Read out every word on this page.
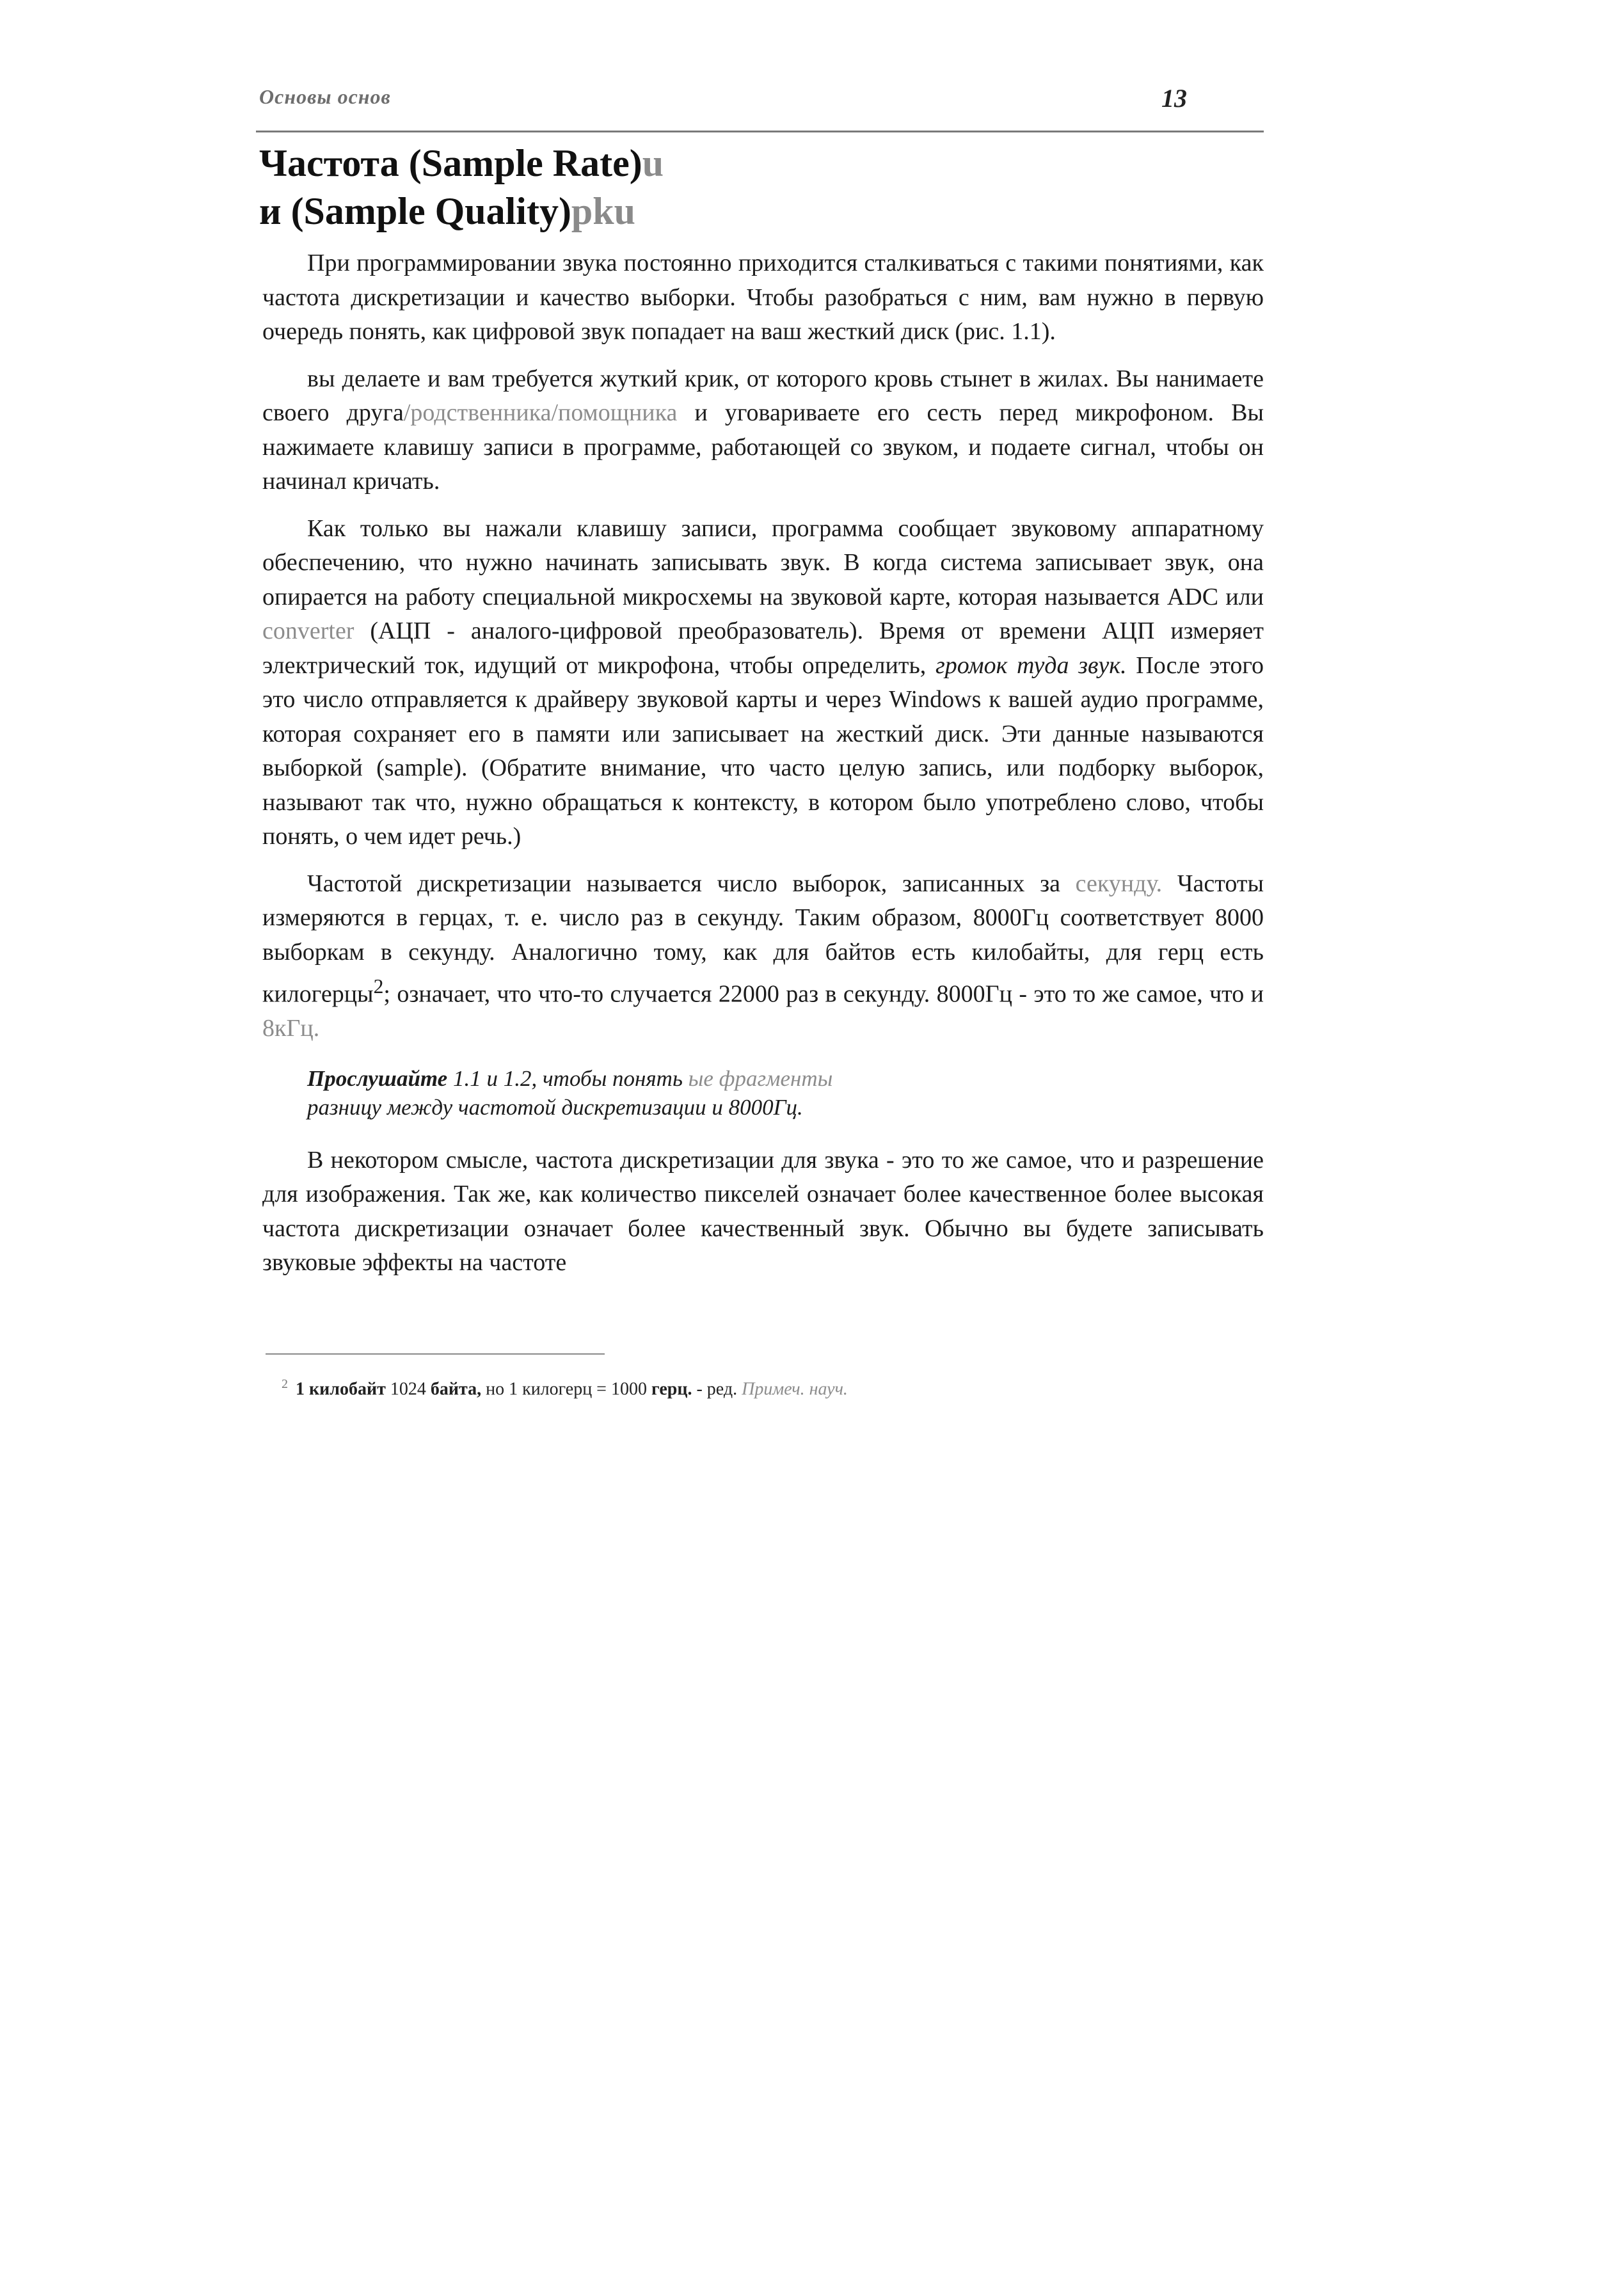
Основы основ	13
Частота (Sample Rate)u
и (Sample Quality)pku

При программировании звука постоянно приходится сталкиваться с такими понятиями, как частота дискретизации и качество выборки. Чтобы разобраться с ним, вам нужно в первую очередь понять, как цифровой звук попадает на ваш жесткий диск (рис. 1.1).

вы делаете и вам требуется жуткий крик, от которого кровь стынет в жилах. Вы нанимаете своего друга/родственника/помощника и уговариваете его сесть перед микрофоном. Вы нажимаете клавишу записи в программе, работающей со звуком, и подаете сигнал, чтобы он начинал кричать.

Как только вы нажали клавишу записи, программа сообщает звуковому аппаратному обеспечению, что нужно начинать записывать звук. В когда система записывает звук, она опирается на работу специальной микросхемы на звуковой карте, которая называется ADC или converter (АЦП - аналого-цифровой преобразователь). Время от времени АЦП измеряет электрический ток, идущий от микрофона, чтобы определить, громок туда звук. После этого это число отправляется к драйверу звуковой карты и через Windows к вашей аудио программе, которая сохраняет его в памяти или записывает на жесткий диск. Эти данные называются выборкой (sample). (Обратите внимание, что часто целую запись, или подборку выборок, называют так что, нужно обращаться к контексту, в котором было употреблено слово, чтобы понять, о чем идет речь.)

Частотой дискретизации называется число выборок, записанных за секунду. Частоты измеряются в герцах, т. е. число раз в секунду. Таким образом, 8000Гц соответствует 8000 выборкам в секунду. Аналогично тому, как для байтов есть килобайты, для герц есть килогерцы$^2$; означает, что что-то случается 22000 раз в секунду. 8000Гц - это то же самое, что и 8кГц.

Прослушайте 1.1 и 1.2, чтобы понять ые фрагменты
разницу между частотой дискретизации и 8000Гц.

В некотором смысле, частота дискретизации для звука - это то же самое, что и разрешение для изображения. Так же, как количество пикселей означает более качественное более высокая частота дискретизации означает более качественный звук. Обычно вы будете записывать звуковые эффекты на частоте

$^2$ 1 килобайт 1024 байта, но 1 килогерц = 1000 герц. - ред. Примеч. науч.
